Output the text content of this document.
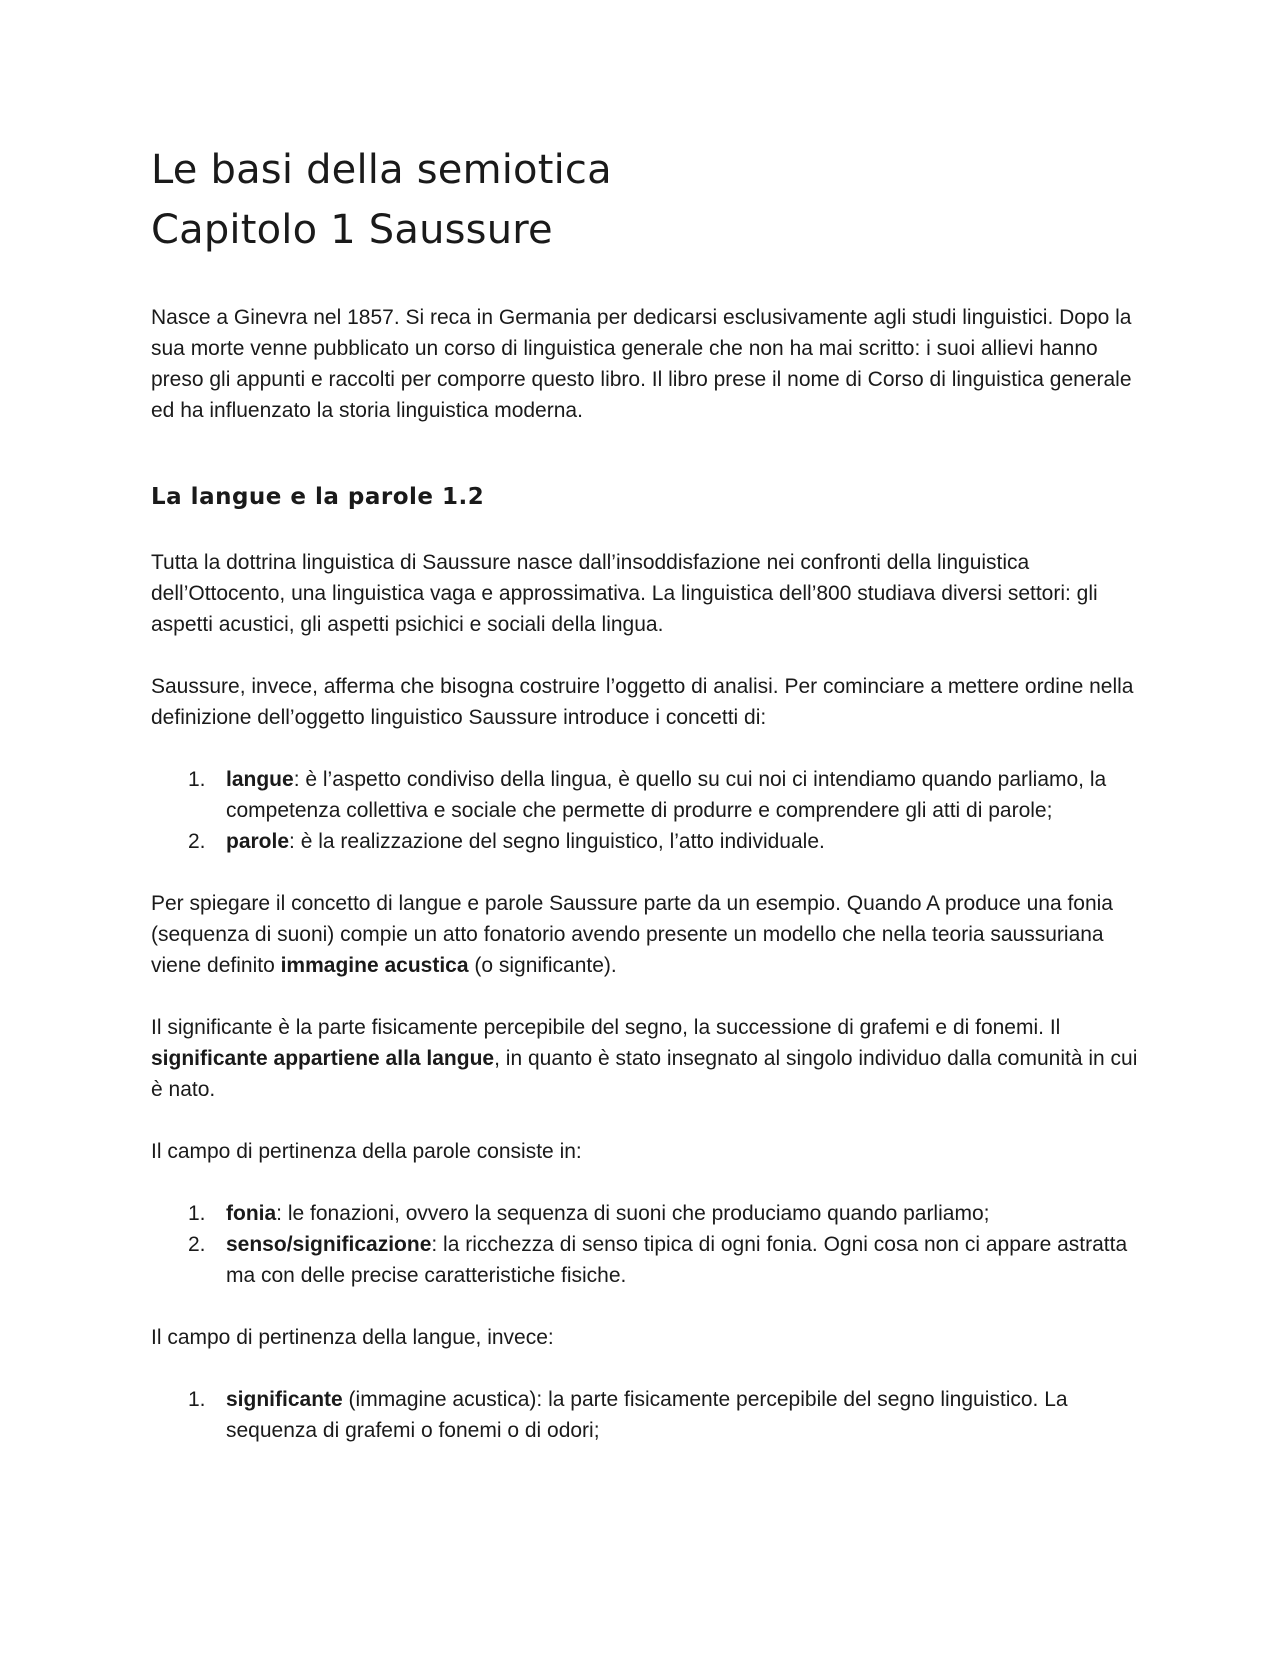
Le basi della semiotica
Capitolo 1 Saussure

Nasce a Ginevra nel 1857. Si reca in Germania per dedicarsi esclusivamente agli studi linguistici. Dopo la sua morte venne pubblicato un corso di linguistica generale che non ha mai scritto: i suoi allievi hanno preso gli appunti e raccolti per comporre questo libro. Il libro prese il nome di Corso di linguistica generale ed ha influenzato la storia linguistica moderna.

La langue e la parole 1.2

Tutta la dottrina linguistica di Saussure nasce dall’insoddisfazione nei confronti della linguistica dell’Ottocento, una linguistica vaga e approssimativa. La linguistica dell’800 studiava diversi settori: gli aspetti acustici, gli aspetti psichici e sociali della lingua.

Saussure, invece, afferma che bisogna costruire l’oggetto di analisi. Per cominciare a mettere ordine nella definizione dell’oggetto linguistico Saussure introduce i concetti di:

1. langue: è l’aspetto condiviso della lingua, è quello su cui noi ci intendiamo quando parliamo, la competenza collettiva e sociale che permette di produrre e comprendere gli atti di parole;
2. parole: è la realizzazione del segno linguistico, l’atto individuale.

Per spiegare il concetto di langue e parole Saussure parte da un esempio. Quando A produce una fonia (sequenza di suoni) compie un atto fonatorio avendo presente un modello che nella teoria saussuriana viene definito immagine acustica (o significante).

Il significante è la parte fisicamente percepibile del segno, la successione di grafemi e di fonemi. Il significante appartiene alla langue, in quanto è stato insegnato al singolo individuo dalla comunità in cui è nato.

Il campo di pertinenza della parole consiste in:

1. fonia: le fonazioni, ovvero la sequenza di suoni che produciamo quando parliamo;
2. senso/significazione: la ricchezza di senso tipica di ogni fonia. Ogni cosa non ci appare astratta ma con delle precise caratteristiche fisiche.

Il campo di pertinenza della langue, invece:

1. significante (immagine acustica): la parte fisicamente percepibile del segno linguistico. La sequenza di grafemi o fonemi o di odori;
